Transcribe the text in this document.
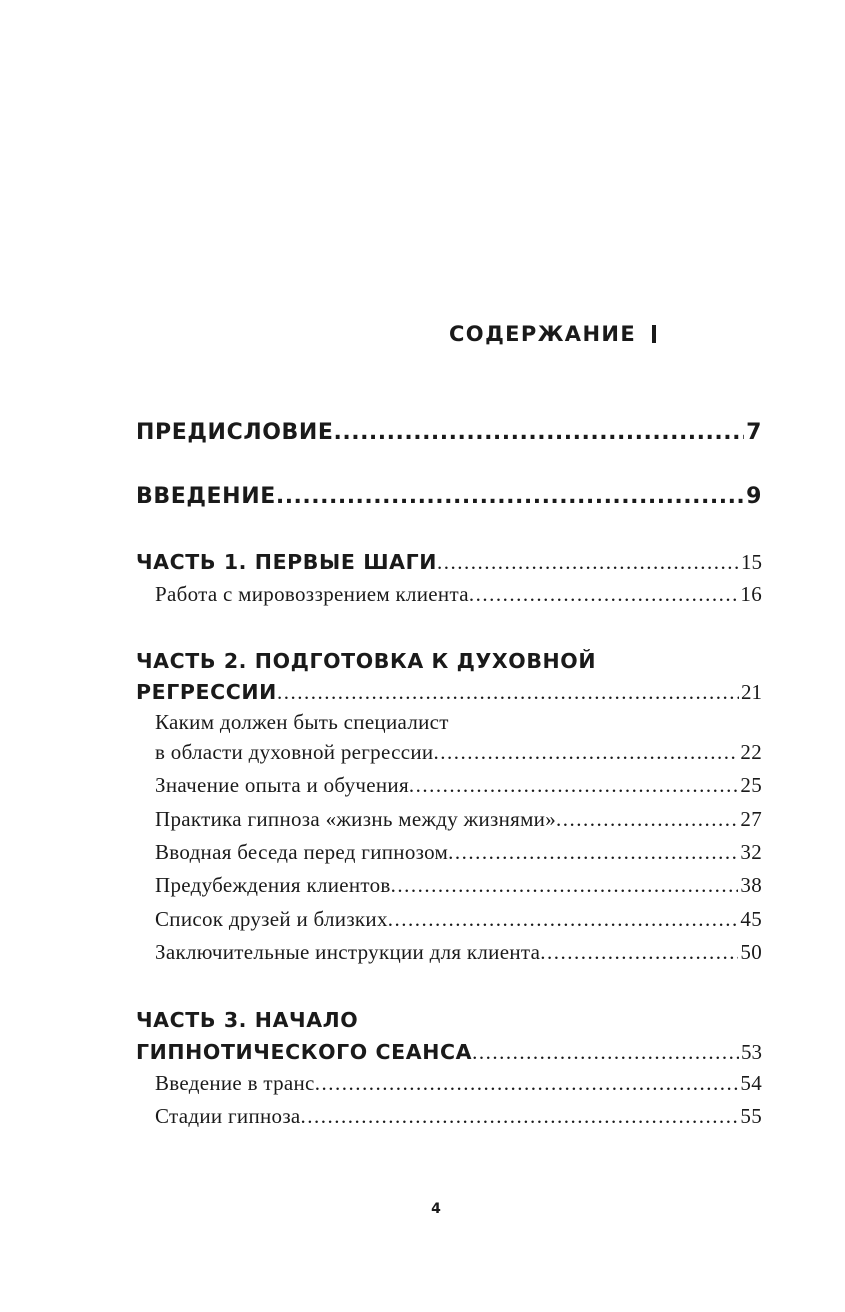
СОДЕРЖАНИЕ
ПРЕДИСЛОВИЕ .....	7
ВВЕДЕНИЕ .....	9
ЧАСТЬ 1. ПЕРВЫЕ ШАГИ .....	15
Работа с мировоззрением клиента .....	16
ЧАСТЬ 2. ПОДГОТОВКА К ДУХОВНОЙ
РЕГРЕССИИ .....	21
Каким должен быть специалист
в области духовной регрессии .....	22
Значение опыта и обучения .....	25
Практика гипноза «жизнь между жизнями» .....	27
Вводная беседа перед гипнозом .....	32
Предубеждения клиентов .....	38
Список друзей и близких .....	45
Заключительные инструкции для клиента .....	50
ЧАСТЬ 3. НАЧАЛО
ГИПНОТИЧЕСКОГО СЕАНСА .....	53
Введение в транс .....	54
Стадии гипноза .....	55
4
